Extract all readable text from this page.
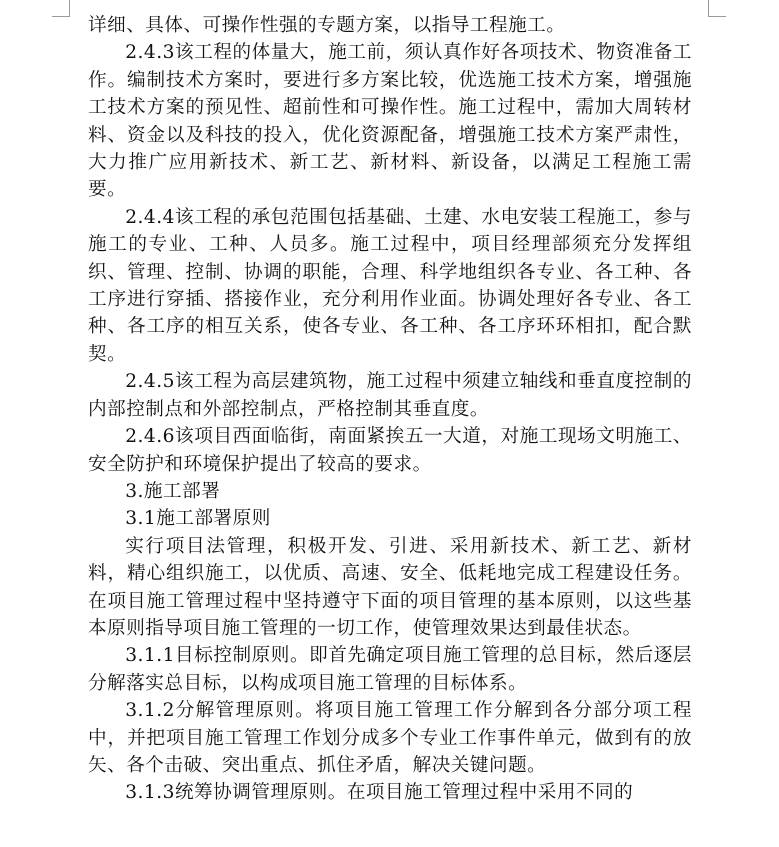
详细、具体、可操作性强的专题方案，以指导工程施工。

2.4.3该工程的体量大，施工前，须认真作好各项技术、物资准备工作。编制技术方案时，要进行多方案比较，优选施工技术方案，增强施工技术方案的预见性、超前性和可操作性。施工过程中，需加大周转材料、资金以及科技的投入，优化资源配备，增强施工技术方案严肃性，大力推广应用新技术、新工艺、新材料、新设备，以满足工程施工需要。

2.4.4该工程的承包范围包括基础、土建、水电安装工程施工，参与施工的专业、工种、人员多。施工过程中，项目经理部须充分发挥组织、管理、控制、协调的职能，合理、科学地组织各专业、各工种、各工序进行穿插、搭接作业，充分利用作业面。协调处理好各专业、各工种、各工序的相互关系，使各专业、各工种、各工序环环相扣，配合默契。

2.4.5该工程为高层建筑物，施工过程中须建立轴线和垂直度控制的内部控制点和外部控制点，严格控制其垂直度。

2.4.6该项目西面临街，南面紧挨五一大道，对施工现场文明施工、安全防护和环境保护提出了较高的要求。

3.施工部署

3.1施工部署原则

实行项目法管理，积极开发、引进、采用新技术、新工艺、新材料，精心组织施工，以优质、高速、安全、低耗地完成工程建设任务。在项目施工管理过程中坚持遵守下面的项目管理的基本原则，以这些基本原则指导项目施工管理的一切工作，使管理效果达到最佳状态。

3.1.1目标控制原则。即首先确定项目施工管理的总目标，然后逐层分解落实总目标，以构成项目施工管理的目标体系。

3.1.2分解管理原则。将项目施工管理工作分解到各分部分项工程中，并把项目施工管理工作划分成多个专业工作事件单元，做到有的放矢、各个击破、突出重点、抓住矛盾，解决关键问题。

3.1.3统筹协调管理原则。在项目施工管理过程中采用不同的
